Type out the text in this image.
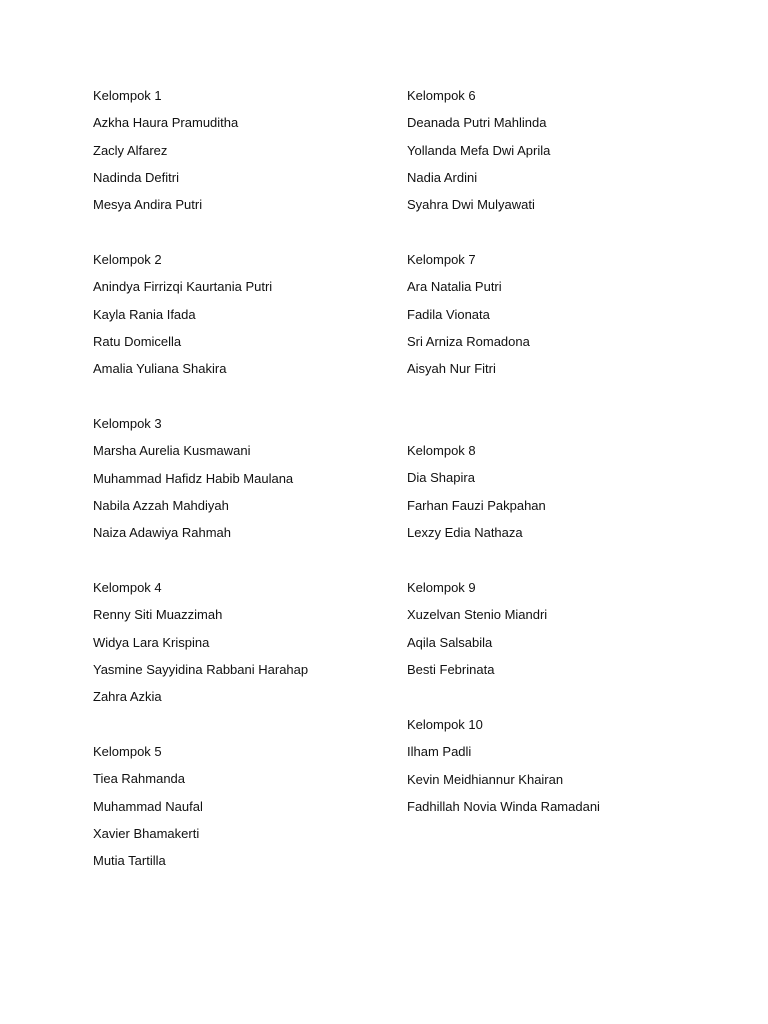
Kelompok 1
Azkha Haura Pramuditha
Zacly Alfarez
Nadinda Defitri
Mesya Andira Putri
Kelompok 2
Anindya Firrizqi Kaurtania Putri
Kayla Rania Ifada
Ratu Domicella
Amalia Yuliana Shakira
Kelompok 3
Marsha Aurelia Kusmawani
Muhammad Hafidz Habib Maulana
Nabila Azzah Mahdiyah
Naiza Adawiya Rahmah
Kelompok 4
Renny Siti Muazzimah
Widya Lara Krispina
Yasmine Sayyidina Rabbani Harahap
Zahra Azkia
Kelompok 5
Tiea Rahmanda
Muhammad Naufal
Xavier Bhamakerti
Mutia Tartilla
Kelompok 6
Deanada Putri Mahlinda
Yollanda Mefa Dwi Aprila
Nadia Ardini
Syahra Dwi Mulyawati
Kelompok 7
Ara Natalia Putri
Fadila Vionata
Sri Arniza Romadona
Aisyah Nur Fitri
Kelompok 8
Dia Shapira
Farhan Fauzi Pakpahan
Lexzy Edia Nathaza
Kelompok 9
Xuzelvan Stenio Miandri
Aqila Salsabila
Besti Febrinata
Kelompok 10
Ilham Padli
Kevin Meidhiannur Khairan
Fadhillah Novia Winda Ramadani
